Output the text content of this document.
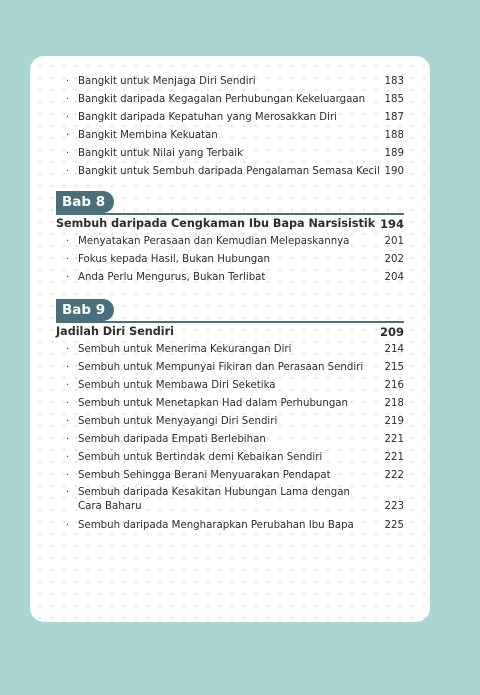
· Bangkit untuk Menjaga Diri Sendiri	183
· Bangkit daripada Kegagalan Perhubungan Kekeluargaan 185
· Bangkit daripada Kepatuhan yang Merosakkan Diri	187
· Bangkit Membina Kekuatan	188
· Bangkit untuk Nilai yang Terbaik	189
· Bangkit untuk Sembuh daripada Pengalaman Semasa Kecil 190
Bab 8
Sembuh daripada Cengkaman Ibu Bapa Narsisistik 194
· Menyatakan Perasaan dan Kemudian Melepaskannya	201
· Fokus kepada Hasil, Bukan Hubungan	202
· Anda Perlu Mengurus, Bukan Terlibat	204
Bab 9
Jadilah Diri Sendiri	209
· Sembuh untuk Menerima Kekurangan Diri	214
· Sembuh untuk Mempunyai Fikiran dan Perasaan Sendiri 215
· Sembuh untuk Membawa Diri Seketika	216
· Sembuh untuk Menetapkan Had dalam Perhubungan	218
· Sembuh untuk Menyayangi Diri Sendiri	219
· Sembuh daripada Empati Berlebihan	221
· Sembuh untuk Bertindak demi Kebaikan Sendiri	221
· Sembuh Sehingga Berani Menyuarakan Pendapat	222
· Sembuh daripada Kesakitan Hubungan Lama dengan Cara Baharu	223
· Sembuh daripada Mengharapkan Perubahan Ibu Bapa	225
